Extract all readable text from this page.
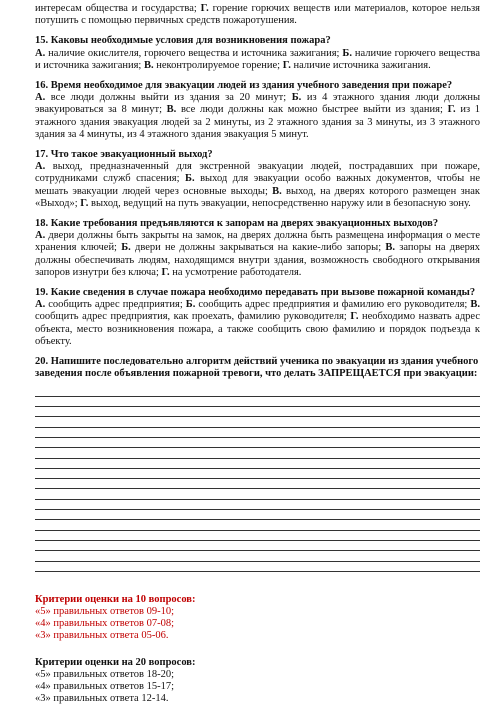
интересам общества и государства; Г. горение горючих веществ или материалов, которое нельзя потушить с помощью первичных средств пожаротушения.

15. Каковы необходимые условия для возникновения пожара?
А. наличие окислителя, горючего вещества и источника зажигания; Б. наличие горючего вещества и источника зажигания; В. неконтролируемое горение; Г. наличие источника зажигания.
16. Время необходимое для эвакуации людей из здания учебного заведения при пожаре?
А. все люди должны выйти из здания за 20 минут; Б. из 4 этажного здания люди должны эвакуироваться за 8 минут; В. все люди должны как можно быстрее выйти из здания; Г. из 1 этажного здания эвакуация людей за 2 минуты, из 2 этажного здания за 3 минуты, из 3 этажного здания за 4 минуты, из 4 этажного здания эвакуация 5 минут.
17. Что такое эвакуационный выход?
А. выход, предназначенный для экстренной эвакуации людей, пострадавших при пожаре, сотрудниками служб спасения; Б. выход для эвакуации особо важных документов, чтобы не мешать эвакуации людей через основные выходы; В. выход, на дверях которого размещен знак «Выход»; Г. выход, ведущий на путь эвакуации, непосредственно наружу или в безопасную зону.
18. Какие требования предъявляются к запорам на дверях эвакуационных выходов?
А. двери должны быть закрыты на замок, на дверях должна быть размещена информация о месте хранения ключей; Б. двери не должны закрываться на какие-либо запоры; В. запоры на дверях должны обеспечивать людям, находящимся внутри здания, возможность свободного открывания запоров изнутри без ключа; Г. на усмотрение работодателя.
19. Какие сведения в случае пожара необходимо передавать при вызове пожарной команды?
А. сообщить адрес предприятия; Б. сообщить адрес предприятия и фамилию его руководителя; В. сообщить адрес предприятия, как проехать, фамилию руководителя; Г. необходимо назвать адрес объекта, место возникновения пожара, а также сообщить свою фамилию и порядок подъезда к объекту.
20. Напишите последовательно алгоритм действий ученика по эвакуации из здания учебного заведения после объявления пожарной тревоги, что делать ЗАПРЕЩАЕТСЯ при эвакуации:
Критерии оценки на 10 вопросов:
«5» правильных ответов 09-10;
«4» правильных ответов 07-08;
«3» правильных ответа 05-06.
Критерии оценки на 20 вопросов:
«5» правильных ответов 18-20;
«4» правильных ответов 15-17;
«3» правильных ответа 12-14.
